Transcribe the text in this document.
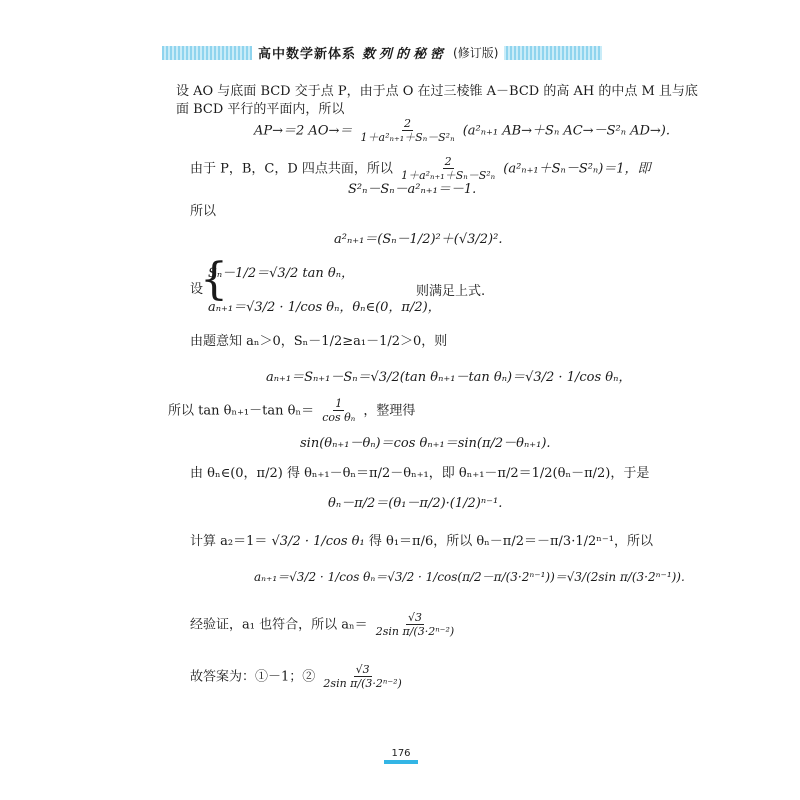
高中数学新体系 数列的秘密 (修订版)
设 AO 与底面 BCD 交于点 P，由于点 O 在过三棱锥 A－BCD 的高 AH 的中点 M 且与底
面 BCD 平行的平面内，所以
AP→＝2 $AO\to= \frac{2}{\text{1＋a²ₙ₊₁＋Sₙ－S²ₙ}} (a^2_{n+1}$ AB→＋Sₙ AC→－S²ₙ AD→).
由于 P，B，C，D 四点共面，所以 $\frac{2}{\text{1＋a²ₙ₊₁＋Sₙ－S²ₙ}} (a^2_{n+1}+S_n-S^2_n)=1$，即
S²ₙ－Sₙ－a²ₙ₊₁＝－1.
所以
a²ₙ₊₁＝(Sₙ－1/2)²＋(√3/2)².
设
{
Sₙ－1/2＝√3/2 tan θₙ，
aₙ₊₁＝√3/2 · 1/cos θₙ，θₙ∈(0，π/2)，
则满足上式.
由题意知 aₙ＞0，Sₙ－1/2≥a₁－1/2＞0，则
aₙ₊₁＝Sₙ₊₁－Sₙ＝√3/2(tan θₙ₊₁－tan θₙ)＝√3/2 · 1/cos θₙ，
所以 tan θₙ₊₁－tan $\theta_n= \frac{1}{\text{cos θₙ}}$ ，整理得
sin(θₙ₊₁－θₙ)＝cos θₙ₊₁＝sin(π/2－θₙ₊₁).
由 θₙ∈(0，π/2) 得 θₙ₊₁－θₙ＝π/2－θₙ₊₁，即 θₙ₊₁－π/2＝1/2(θₙ－π/2)，于是
θₙ－π/2＝(θ₁－π/2)·(1/2)ⁿ⁻¹.
计算 a₂＝1＝ √3/2 · 1/cos θ₁ 得 θ₁＝π/6，所以 θₙ－π/2＝－π/3·1/2ⁿ⁻¹，所以
aₙ₊₁＝√3/2 · 1/cos θₙ＝√3/2 · 1/cos(π/2－π/(3·2ⁿ⁻¹))＝√3/(2sin π/(3·2ⁿ⁻¹)).
经验证，a₁ 也符合，所以 $a_n= \frac{√3}{\text{2sin π/(3·2ⁿ⁻²)}}$
故答案为：①－1；② $\frac{√3}{\text{2sin π/(3·2ⁿ⁻²)}}$
176
